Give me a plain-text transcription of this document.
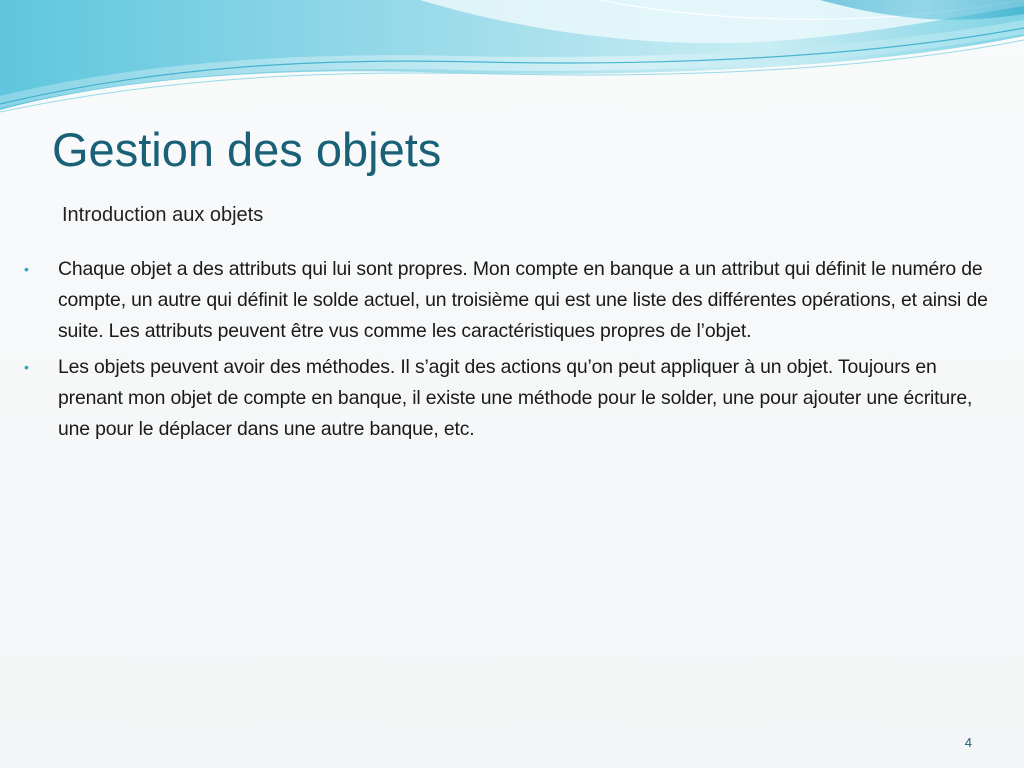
Gestion des objets

Introduction aux objets

•	Chaque objet a des attributs qui lui sont propres. Mon compte en banque a un attribut qui définit le numéro de compte, un autre qui définit le solde actuel, un troisième qui est une liste des différentes opérations, et ainsi de suite. Les attributs peuvent être vus comme les caractéristiques propres de l’objet.
•	Les objets peuvent avoir des méthodes. Il s’agit des actions qu’on peut appliquer à un objet. Toujours en prenant mon objet de compte en banque, il existe une méthode pour le solder, une pour ajouter une écriture, une pour le déplacer dans une autre banque, etc.
4
